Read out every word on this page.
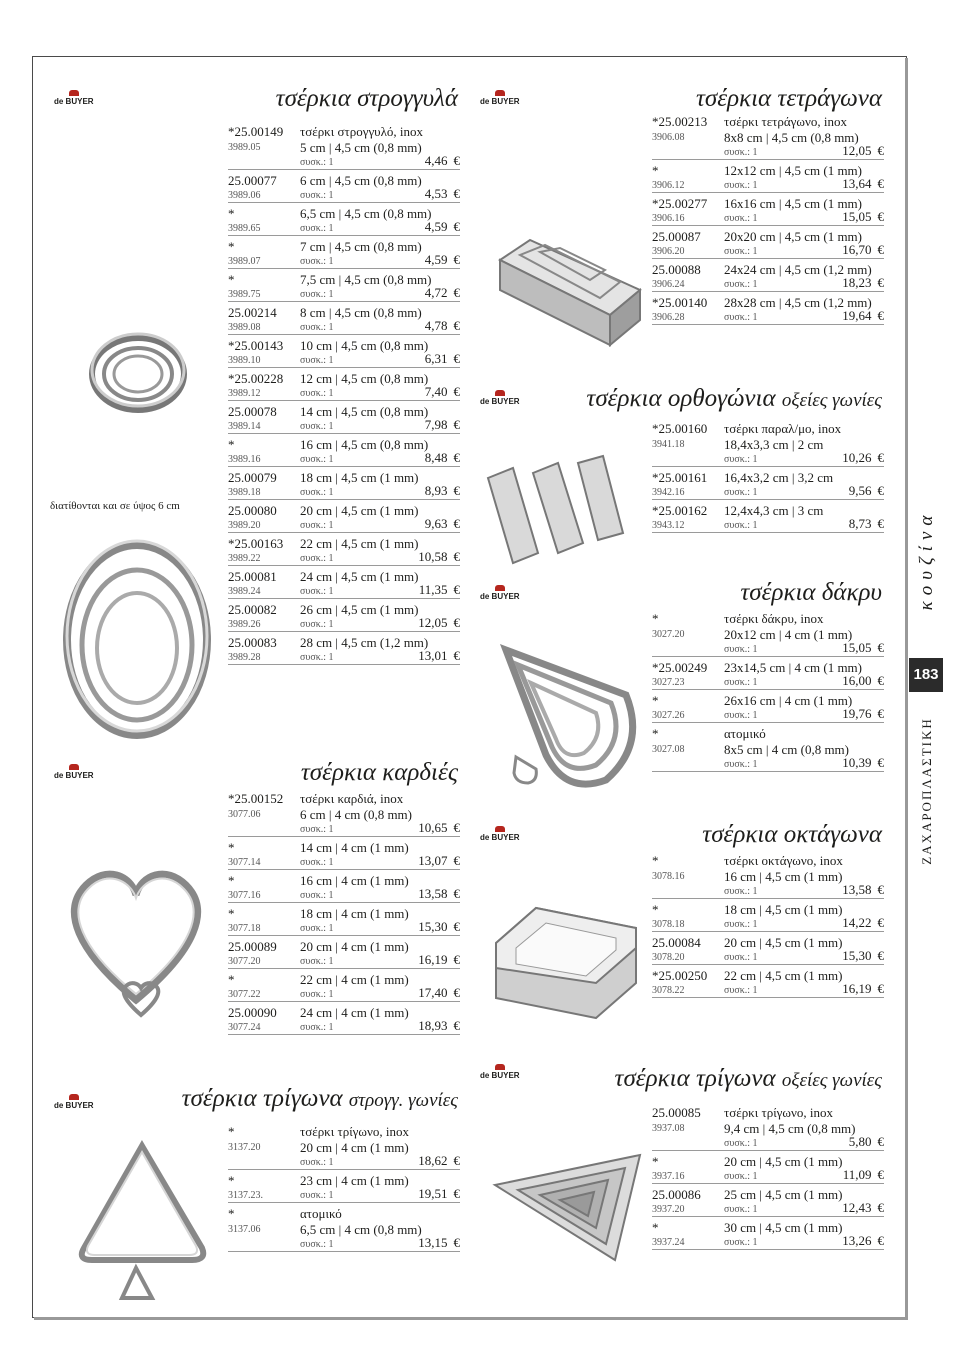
τσέρκια στρογγυλά
τσέρκια καρδιές
τσέρκια τρίγωνα στρογγ. γωνίες
τσέρκια τετράγωνα
τσέρκια ορθογώνια οξείες γωνίες
τσέρκια δάκρυ
τσέρκια οκτάγωνα
τσέρκια τρίγωνα οξείες γωνίες
de BUYER
de BUYER
de BUYER
de BUYER
de BUYER
de BUYER
de BUYER
de BUYER
διατίθονται και σε ύψος 6 cm
κουζίνα
183
ΖΑΧΑΡΟΠΛΑΣΤΙΚΗ
*25.00149 τσέρκι στρογγυλό, inox
3989.05	5 cm | 4,5 cm (0,8 mm)
συσκ.: 1	4,46 €
25.00077 6 cm | 4,5 cm (0,8 mm)
3989.06	συσκ.: 1	4,53 €
*	6,5 cm | 4,5 cm (0,8 mm)
3989.65	συσκ.: 1	4,59 €
*	7 cm | 4,5 cm (0,8 mm)
3989.07	συσκ.: 1	4,59 €
*	7,5 cm | 4,5 cm (0,8 mm)
3989.75	συσκ.: 1	4,72 €
25.00214 8 cm | 4,5 cm (0,8 mm)
3989.08	συσκ.: 1	4,78 €
*25.00143 10 cm | 4,5 cm (0,8 mm)
3989.10	συσκ.: 1	6,31 €
*25.00228 12 cm | 4,5 cm (0,8 mm)
3989.12	συσκ.: 1	7,40 €
25.00078 14 cm | 4,5 cm (0,8 mm)
3989.14	συσκ.: 1	7,98 €
*	16 cm | 4,5 cm (0,8 mm)
3989.16	συσκ.: 1	8,48 €
25.00079 18 cm | 4,5 cm (1 mm)
3989.18	συσκ.: 1	8,93 €
25.00080 20 cm | 4,5 cm (1 mm)
3989.20	συσκ.: 1	9,63 €
*25.00163 22 cm | 4,5 cm (1 mm)
3989.22	συσκ.: 1	10,58 €
25.00081 24 cm | 4,5 cm (1 mm)
3989.24	συσκ.: 1	11,35 €
25.00082 26 cm | 4,5 cm (1 mm)
3989.26	συσκ.: 1	12,05 €
25.00083 28 cm | 4,5 cm (1,2 mm)
3989.28	συσκ.: 1	13,01 €
*25.00152 τσέρκι καρδιά, inox
3077.06	6 cm | 4 cm (0,8 mm)
συσκ.: 1	10,65 €
*	14 cm | 4 cm (1 mm)
3077.14	συσκ.: 1	13,07 €
*	16 cm | 4 cm (1 mm)
3077.16	συσκ.: 1	13,58 €
*	18 cm | 4 cm (1 mm)
3077.18	συσκ.: 1	15,30 €
25.00089 20 cm | 4 cm (1 mm)
3077.20	συσκ.: 1	16,19 €
*	22 cm | 4 cm (1 mm)
3077.22	συσκ.: 1	17,40 €
25.00090 24 cm | 4 cm (1 mm)
3077.24	συσκ.: 1	18,93 €
*	τσέρκι τρίγωνο, inox
3137.20	20 cm | 4 cm (1 mm)
συσκ.: 1	18,62 €
*	23 cm | 4 cm (1 mm)
3137.23.	συσκ.: 1	19,51 €
*	ατομικό
3137.06	6,5 cm | 4 cm (0,8 mm)
συσκ.: 1	13,15 €
*25.00213 τσέρκι τετράγωνο, inox
3906.08	8x8 cm | 4,5 cm (0,8 mm)
συσκ.: 1	12,05 €
*	12x12 cm | 4,5 cm (1 mm)
3906.12	συσκ.: 1	13,64 €
*25.00277 16x16 cm | 4,5 cm (1 mm)
3906.16	συσκ.: 1	15,05 €
25.00087 20x20 cm | 4,5 cm (1 mm)
3906.20	συσκ.: 1	16,70 €
25.00088 24x24 cm | 4,5 cm (1,2 mm)
3906.24	συσκ.: 1	18,23 €
*25.00140 28x28 cm | 4,5 cm (1,2 mm)
3906.28	συσκ.: 1	19,64 €
*25.00160 τσέρκι παραλ/μο, inox
3941.18	18,4x3,3 cm | 2 cm
συσκ.: 1	10,26 €
*25.00161 16,4x3,2 cm | 3,2 cm
3942.16	συσκ.: 1	9,56 €
*25.00162 12,4x4,3 cm | 3 cm
3943.12	συσκ.: 1	8,73 €
*	τσέρκι δάκρυ, inox
3027.20	20x12 cm | 4 cm (1 mm)
συσκ.: 1	15,05 €
*25.00249 23x14,5 cm | 4 cm (1 mm)
3027.23	συσκ.: 1	16,00 €
*	26x16 cm | 4 cm (1 mm)
3027.26	συσκ.: 1	19,76 €
*	ατομικό
3027.08	8x5 cm | 4 cm (0,8 mm)
συσκ.: 1	10,39 €
*	τσέρκι οκτάγωνο, inox
3078.16	16 cm | 4,5 cm (1 mm)
συσκ.: 1	13,58 €
*	18 cm | 4,5 cm (1 mm)
3078.18	συσκ.: 1	14,22 €
25.00084 20 cm | 4,5 cm (1 mm)
3078.20	συσκ.: 1	15,30 €
*25.00250 22 cm | 4,5 cm (1 mm)
3078.22	συσκ.: 1	16,19 €
25.00085 τσέρκι τρίγωνο, inox
3937.08	9,4 cm | 4,5 cm (0,8 mm)
συσκ.: 1	5,80 €
*	20 cm | 4,5 cm (1 mm)
3937.16	συσκ.: 1	11,09 €
25.00086 25 cm | 4,5 cm (1 mm)
3937.20	συσκ.: 1	12,43 €
*	30 cm | 4,5 cm (1 mm)
3937.24	συσκ.: 1	13,26 €
